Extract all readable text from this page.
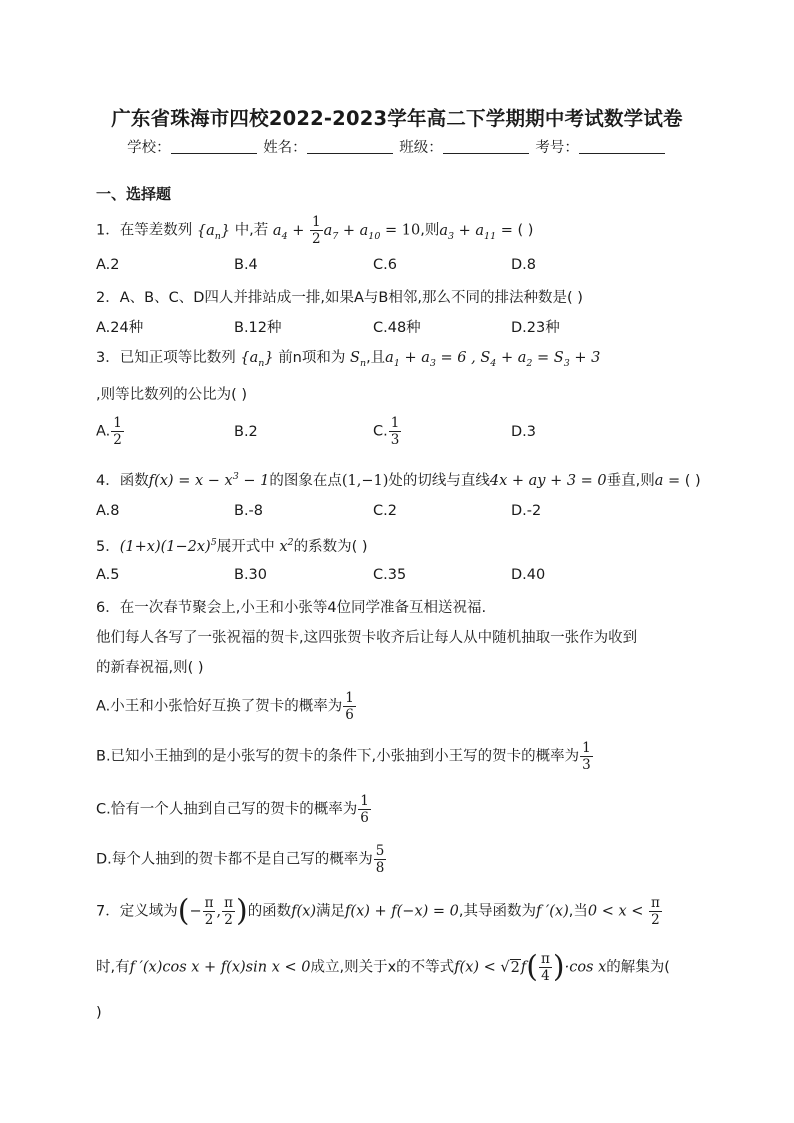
广东省珠海市四校2022-2023学年高二下学期期中考试数学试卷
学校：	姓名：	班级：	考号：
一、选择题
1．在等差数列 $\{a_n\}$ 中,若 $a_4 + \frac{1}{2} a_7 + a_{10} = 10$,则$a_3 + a_{11}$ = ( )
A.2	B.4	C.6	D.8
2．A、B、C、D四人并排站成一排,如果A与B相邻,那么不同的排法种数是( )
A.24种	B.12种	C.48种	D.23种
3．已知正项等比数列 $\{a_n\}$ 前n项和为 $S_n$,且$a_1 + a_3 = 6$ , $S_4 + a_2 = S_3 + 3$
,则等比数列的公比为( )
A. $\frac{1}{2}$	B.2	C. $\frac{1}{3}$	D.3
4．函数$f(x) = x - x^3 - 1$的图象在点(1,−1)处的切线与直线4x + ay + 3 = 0垂直,则a = ( )
A.8	B.-8	C.2	D.-2
5．$(1+x)(1-2x)^5$展开式中 $x^2$的系数为( )
A.5	B.30	C.35	D.40
6．在一次春节聚会上,小王和小张等4位同学准备互相送祝福.
他们每人各写了一张祝福的贺卡,这四张贺卡收齐后让每人从中随机抽取一张作为收到
的新春祝福,则( )
A.小王和小张恰好互换了贺卡的概率为 $\frac{1}{6}$
B.已知小王抽到的是小张写的贺卡的条件下,小张抽到小王写的贺卡的概率为 $\frac{1}{3}$
C.恰有一个人抽到自己写的贺卡的概率为 $\frac{1}{6}$
D.每个人抽到的贺卡都不是自己写的概率为 $\frac{5}{8}$
7．定义域为(− $\frac{\pi}{2}$ , $\frac{\pi}{2}$ )的函数f(x)满足f(x) + f(−x) = 0,其导函数为f ′(x),当$0 < x < \frac{\pi}{2}$
时,有f ′(x)cos x + f(x)sin x < 0成立,则关于x的不等式$f(x) < √2f( \frac{\pi}{4} )\cdot\cos$ x的解集为(
)
